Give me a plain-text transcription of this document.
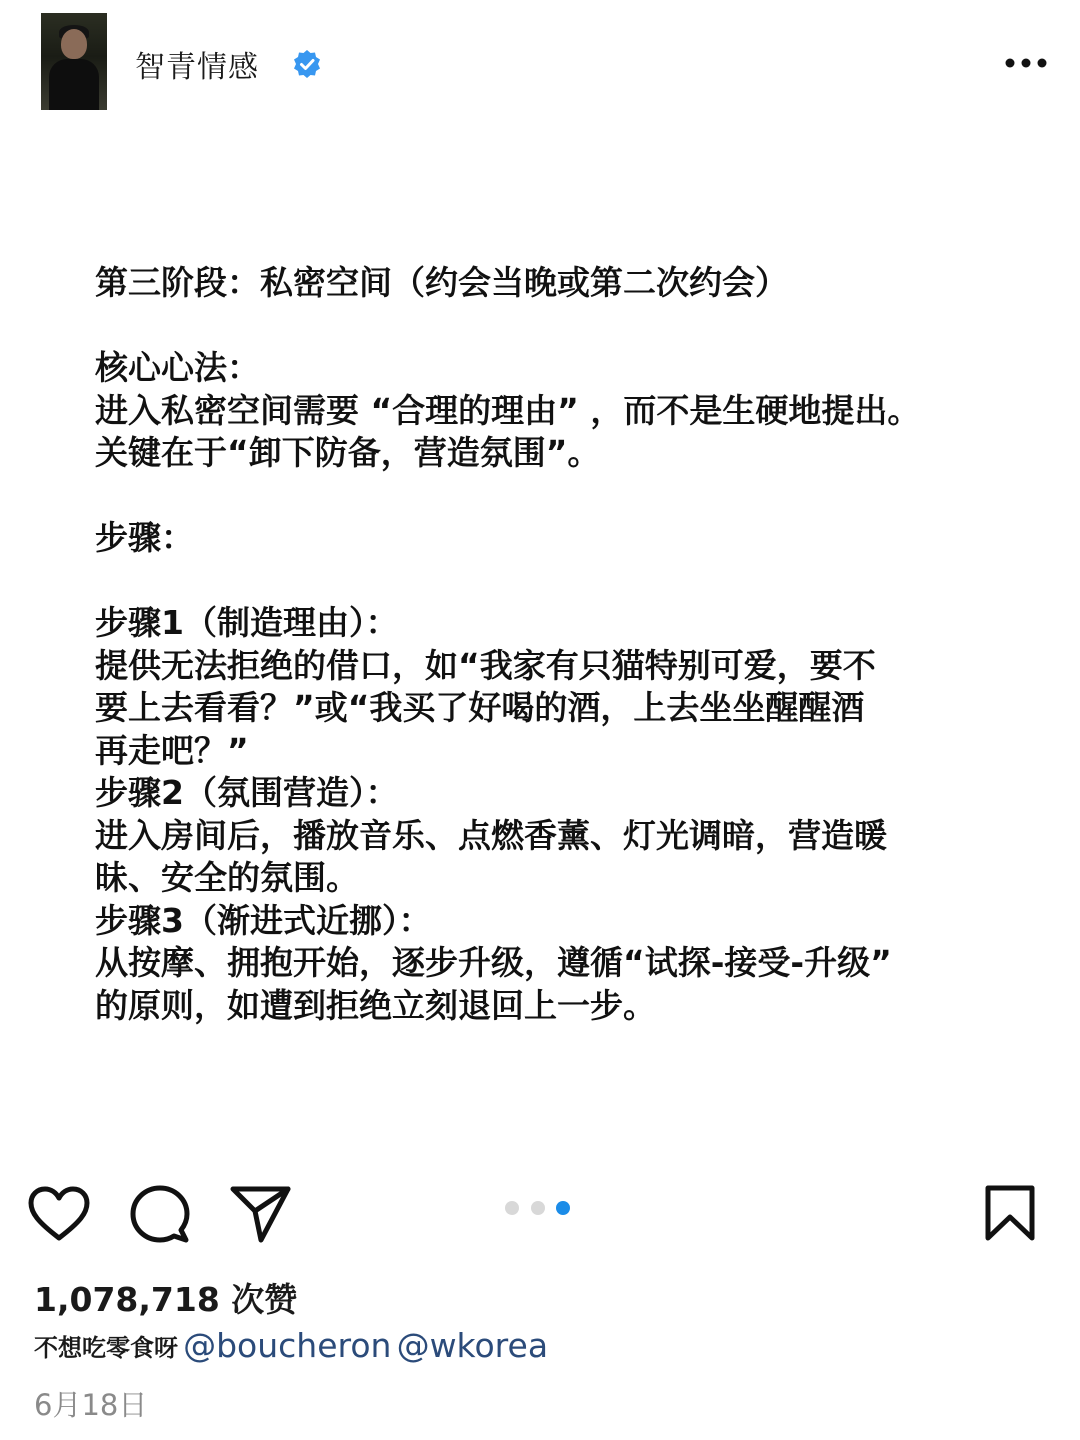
智青情感

第三阶段：私密空间（约会当晚或第二次约会）

核心心法：

进入私密空间需要 “合理的理由” ，而不是生硬地提出。

关键在于“卸下防备，营造氛围”。

步骤：

步骤1（制造理由）：

提供无法拒绝的借口，如“我家有只猫特别可爱，要不

要上去看看？”或“我买了好喝的酒，上去坐坐醒醒酒

再走吧？”

步骤2（氛围营造）：

进入房间后，播放音乐、点燃香薰、灯光调暗，营造暖

昧、安全的氛围。

步骤3（渐进式近挪）：

从按摩、拥抱开始，逐步升级，遵循“试探-接受-升级”

的原则，如遭到拒绝立刻退回上一步。

1,078,718 次赞
不想吃零食呀 @boucheron @wkorea
6月18日
